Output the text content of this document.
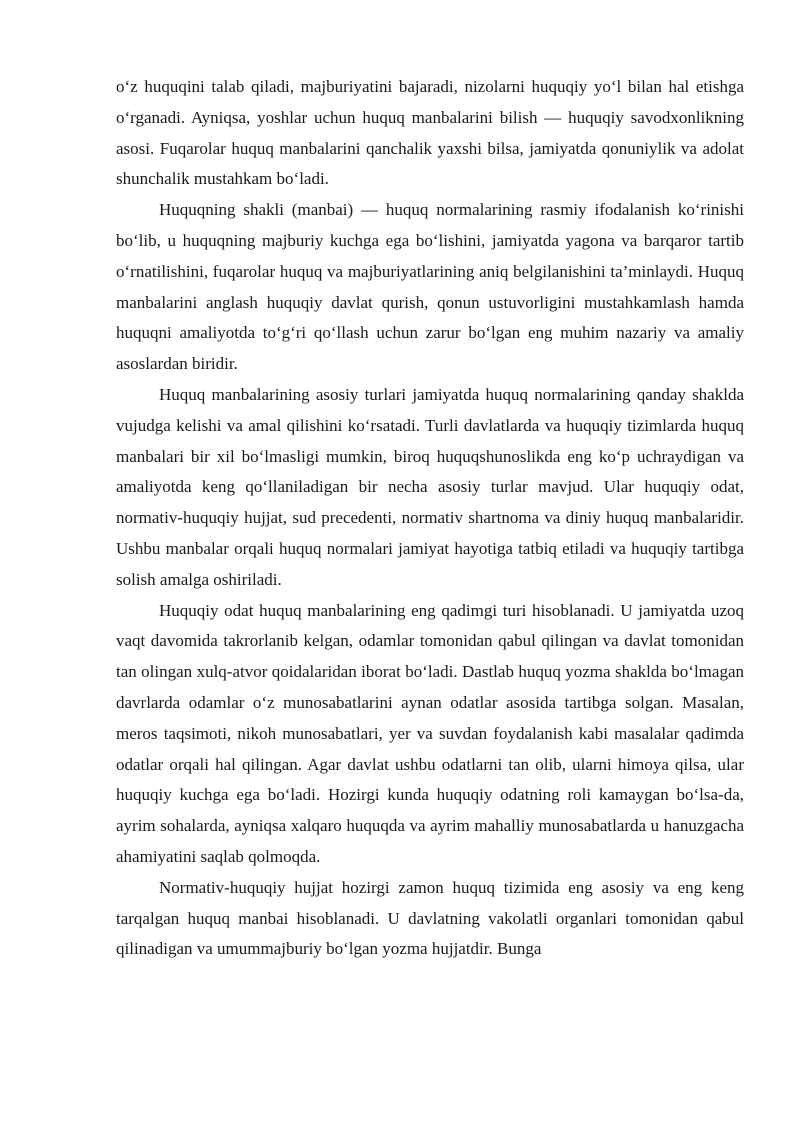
o‘z huquqini talab qiladi, majburiyatini bajaradi, nizolarni huquqiy yo‘l bilan hal etishga o‘rganadi. Ayniqsa, yoshlar uchun huquq manbalarini bilish — huquqiy savodxonlikning asosi. Fuqarolar huquq manbalarini qanchalik yaxshi bilsa, jamiyatda qonuniylik va adolat shunchalik mustahkam bo‘ladi.

Huquqning shakli (manbai) — huquq normalarining rasmiy ifodalanish ko‘rinishi bo‘lib, u huquqning majburiy kuchga ega bo‘lishini, jamiyatda yagona va barqaror tartib o‘rnatilishini, fuqarolar huquq va majburiyatlarining aniq belgilanishini ta’minlaydi. Huquq manbalarini anglash huquqiy davlat qurish, qonun ustuvorligini mustahkamlash hamda huquqni amaliyotda to‘g‘ri qo‘llash uchun zarur bo‘lgan eng muhim nazariy va amaliy asoslardan biridir.

Huquq manbalarining asosiy turlari jamiyatda huquq normalarining qanday shaklda vujudga kelishi va amal qilishini ko‘rsatadi. Turli davlatlarda va huquqiy tizimlarda huquq manbalari bir xil bo‘lmasligi mumkin, biroq huquqshunoslikda eng ko‘p uchraydigan va amaliyotda keng qo‘llaniladigan bir necha asosiy turlar mavjud. Ular huquqiy odat, normativ-huquqiy hujjat, sud precedenti, normativ shartnoma va diniy huquq manbalaridir. Ushbu manbalar orqali huquq normalari jamiyat hayotiga tatbiq etiladi va huquqiy tartibga solish amalga oshiriladi.

Huquqiy odat huquq manbalarining eng qadimgi turi hisoblanadi. U jamiyatda uzoq vaqt davomida takrorlanib kelgan, odamlar tomonidan qabul qilingan va davlat tomonidan tan olingan xulq-atvor qoidalaridan iborat bo‘ladi. Dastlab huquq yozma shaklda bo‘lmagan davrlarda odamlar o‘z munosabatlarini aynan odatlar asosida tartibga solgan. Masalan, meros taqsimoti, nikoh munosabatlari, yer va suvdan foydalanish kabi masalalar qadimda odatlar orqali hal qilingan. Agar davlat ushbu odatlarni tan olib, ularni himoya qilsa, ular huquqiy kuchga ega bo‘ladi. Hozirgi kunda huquqiy odatning roli kamaygan bo‘lsa-da, ayrim sohalarda, ayniqsa xalqaro huquqda va ayrim mahalliy munosabatlarda u hanuzgacha ahamiyatini saqlab qolmoqda.

Normativ-huquqiy hujjat hozirgi zamon huquq tizimida eng asosiy va eng keng tarqalgan huquq manbai hisoblanadi. U davlatning vakolatli organlari tomonidan qabul qilinadigan va umummajburiy bo‘lgan yozma hujjatdir. Bunga
